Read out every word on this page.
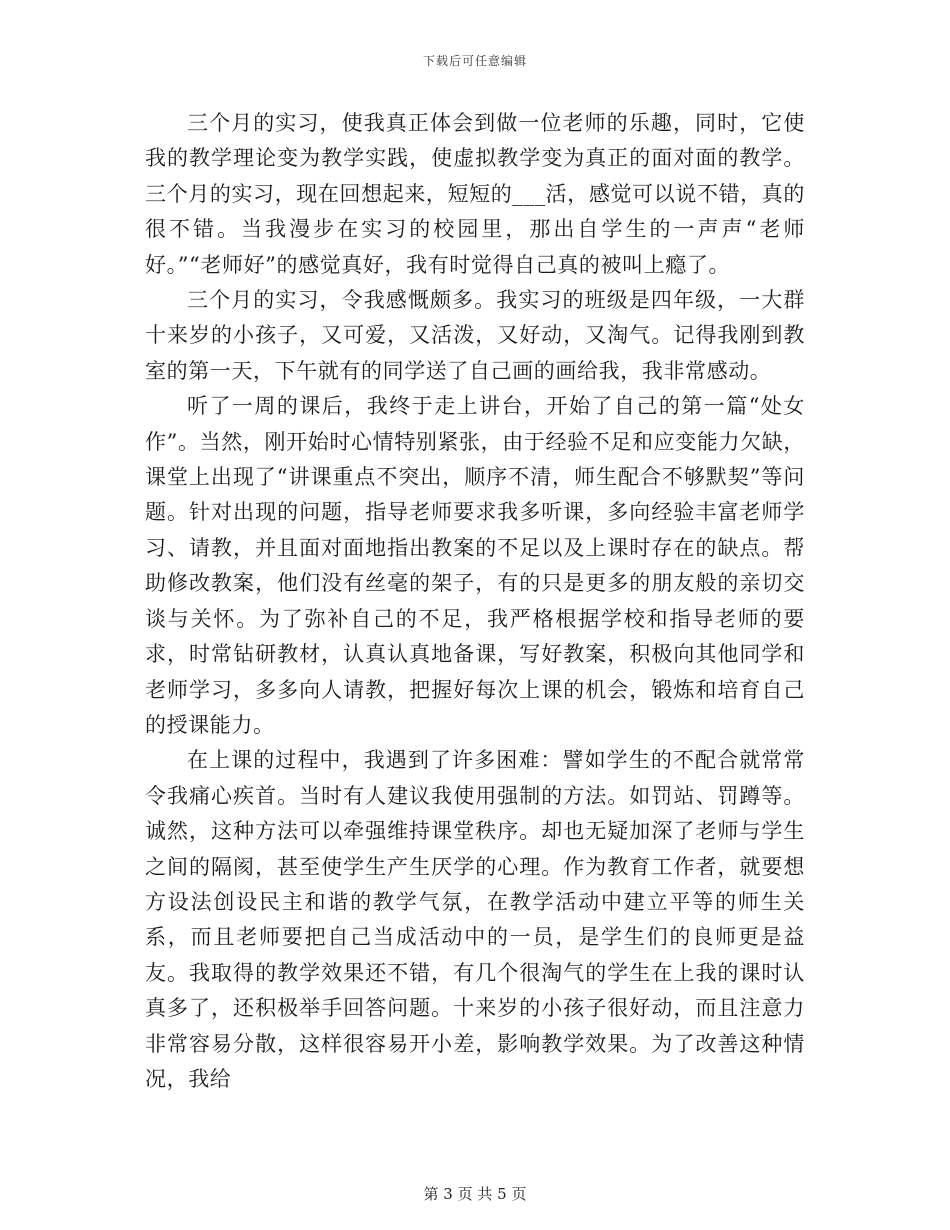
下载后可任意编辑

三个月的实习，使我真正体会到做一位老师的乐趣，同时，它使我的教学理论变为教学实践，使虚拟教学变为真正的面对面的教学。三个月的实习，现在回想起来，短短的___活，感觉可以说不错，真的很不错。当我漫步在实习的校园里，那出自学生的一声声“老师好。”“老师好”的感觉真好，我有时觉得自己真的被叫上瘾了。

三个月的实习，令我感慨颇多。我实习的班级是四年级，一大群十来岁的小孩子，又可爱，又活泼，又好动，又淘气。记得我刚到教室的第一天，下午就有的同学送了自己画的画给我，我非常感动。

听了一周的课后，我终于走上讲台，开始了自己的第一篇“处女作”。当然，刚开始时心情特别紧张，由于经验不足和应变能力欠缺，课堂上出现了“讲课重点不突出，顺序不清，师生配合不够默契”等问题。针对出现的问题，指导老师要求我多听课，多向经验丰富老师学习、请教，并且面对面地指出教案的不足以及上课时存在的缺点。帮助修改教案，他们没有丝毫的架子，有的只是更多的朋友般的亲切交谈与关怀。为了弥补自己的不足，我严格根据学校和指导老师的要求，时常钻研教材，认真认真地备课，写好教案，积极向其他同学和老师学习，多多向人请教，把握好每次上课的机会，锻炼和培育自己的授课能力。

在上课的过程中，我遇到了许多困难：譬如学生的不配合就常常令我痛心疾首。当时有人建议我使用强制的方法。如罚站、罚蹲等。诚然，这种方法可以牵强维持课堂秩序。却也无疑加深了老师与学生之间的隔阂，甚至使学生产生厌学的心理。作为教育工作者，就要想方设法创设民主和谐的教学气氛，在教学活动中建立平等的师生关系，而且老师要把自己当成活动中的一员，是学生们的良师更是益友。我取得的教学效果还不错，有几个很淘气的学生在上我的课时认真多了，还积极举手回答问题。十来岁的小孩子很好动，而且注意力非常容易分散，这样很容易开小差，影响教学效果。为了改善这种情况，我给

第 3 页 共 5 页
